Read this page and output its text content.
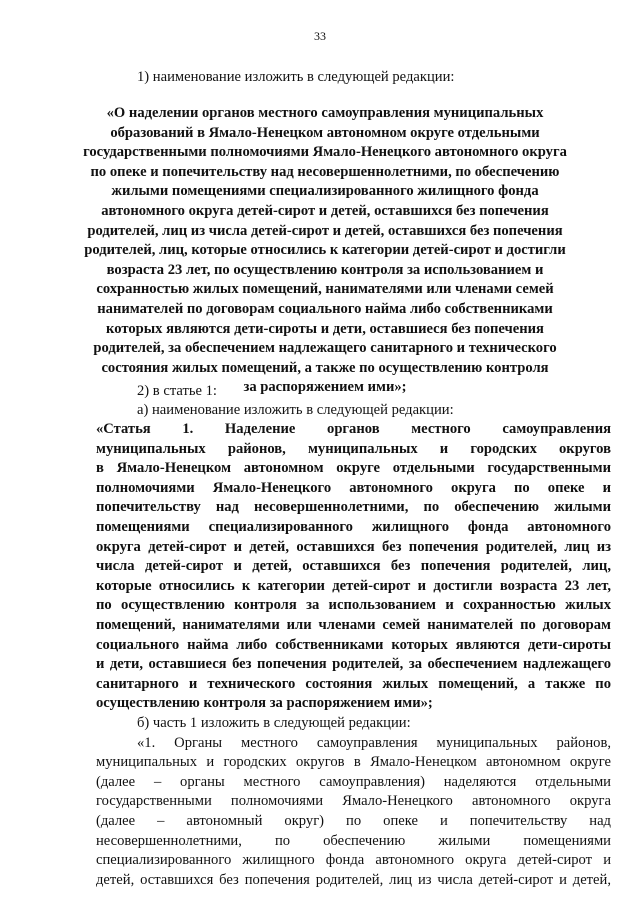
33
1) наименование изложить в следующей редакции:
«О наделении органов местного самоуправления муниципальных
образований в Ямало-Ненецком автономном округе отдельными
государственными полномочиями Ямало-Ненецкого автономного округа
по опеке и попечительству над несовершеннолетними, по обеспечению
жилыми помещениями специализированного жилищного фонда
автономного округа детей-сирот и детей, оставшихся без попечения
родителей, лиц из числа детей-сирот и детей, оставшихся без попечения
родителей, лиц, которые относились к категории детей-сирот и достигли
возраста 23 лет, по осуществлению контроля за использованием и
сохранностью жилых помещений, нанимателями или членами семей
нанимателей по договорам социального найма либо собственниками
которых являются дети-сироты и дети, оставшиеся без попечения
родителей, за обеспечением надлежащего санитарного и технического
состояния жилых помещений, а также по осуществлению контроля
за распоряжением ими»;
2) в статье 1:
а) наименование изложить в следующей редакции:
«Статья 1. Наделение органов местного самоуправления
муниципальных районов, муниципальных и городских округов
в Ямало-Ненецком автономном округе отдельными государственными
полномочиями Ямало-Ненецкого автономного округа по опеке и
попечительству над несовершеннолетними, по обеспечению жилыми
помещениями специализированного жилищного фонда автономного
округа детей-сирот и детей, оставшихся без попечения родителей, лиц из
числа детей-сирот и детей, оставшихся без попечения родителей, лиц,
которые относились к категории детей-сирот и достигли возраста 23 лет,
по осуществлению контроля за использованием и сохранностью жилых
помещений, нанимателями или членами семей нанимателей по договорам
социального найма либо собственниками которых являются дети-сироты
и дети, оставшиеся без попечения родителей, за обеспечением надлежащего
санитарного и технического состояния жилых помещений, а также по
осуществлению контроля за распоряжением ими»;
б) часть 1 изложить в следующей редакции:
«1. Органы местного самоуправления муниципальных районов,
муниципальных и городских округов в Ямало-Ненецком автономном округе
(далее – органы местного самоуправления) наделяются отдельными
государственными полномочиями Ямало-Ненецкого автономного округа
(далее – автономный округ) по опеке и попечительству над
несовершеннолетними, по обеспечению жилыми помещениями
специализированного жилищного фонда автономного округа детей-сирот и
детей, оставшихся без попечения родителей, лиц из числа детей-сирот и детей,
